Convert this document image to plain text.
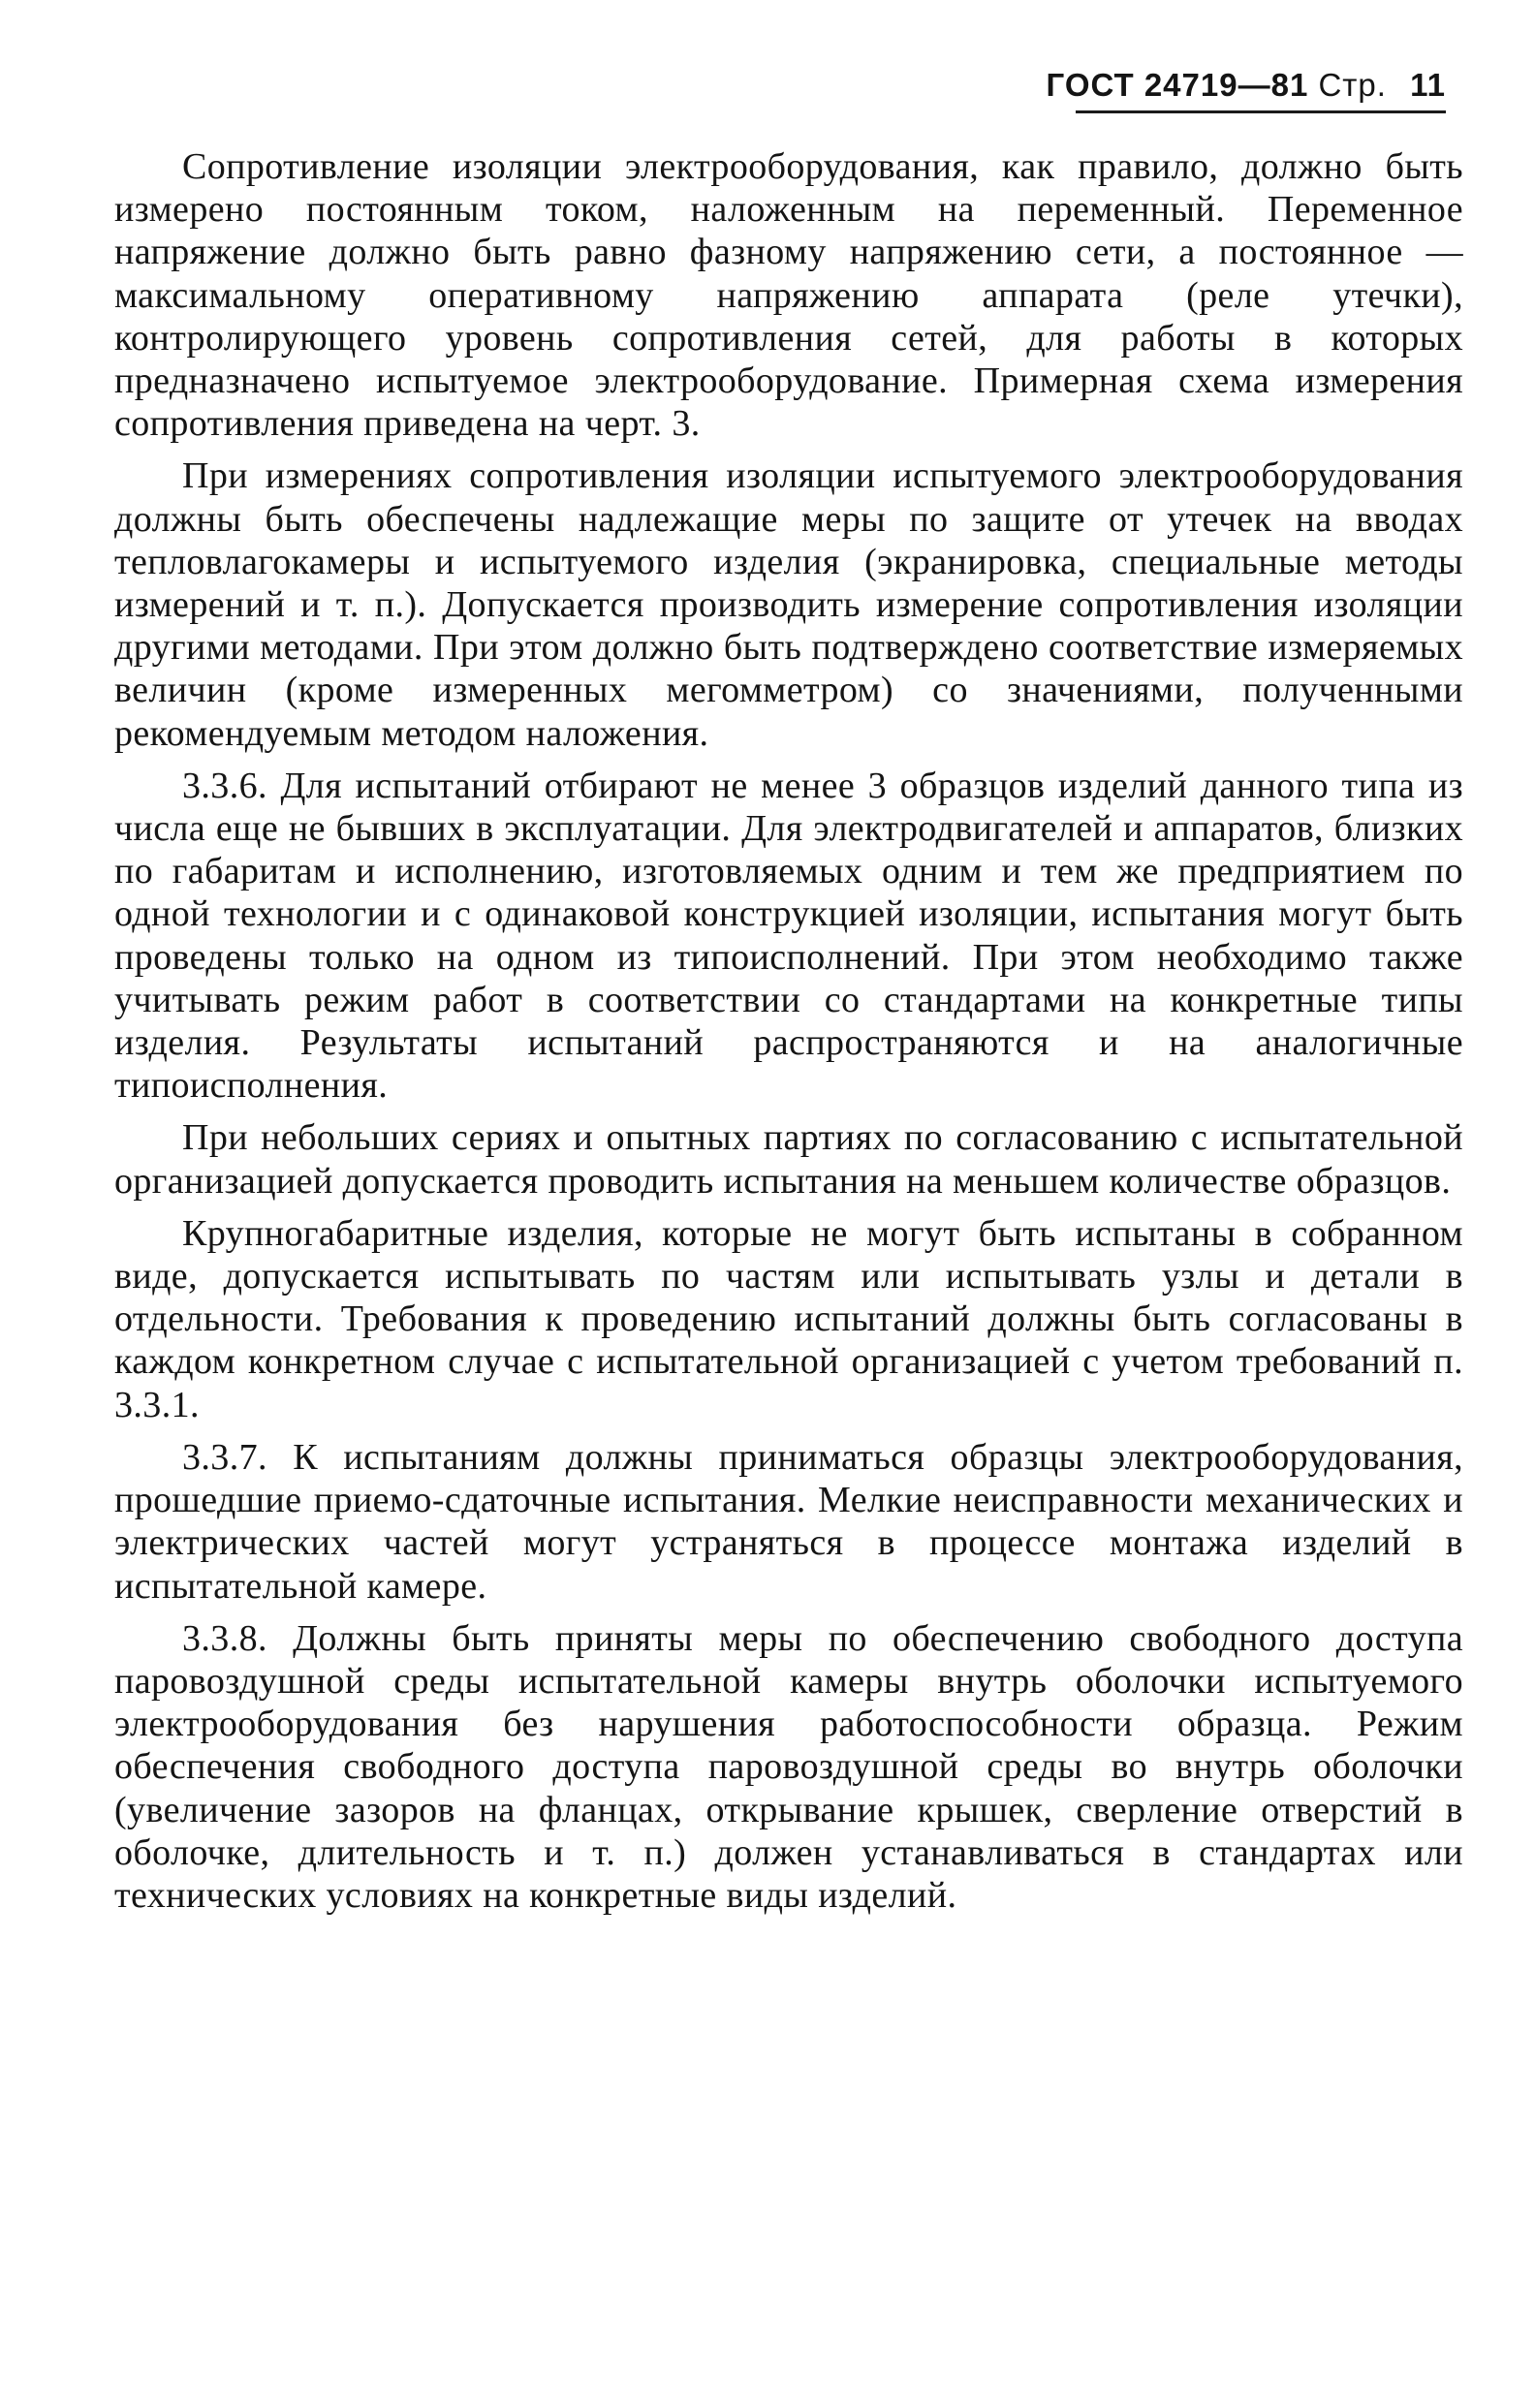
ГОСТ 24719—81 Стр. 11

Сопротивление изоляции электрооборудования, как правило, должно быть измерено постоянным током, наложенным на переменный. Переменное напряжение должно быть равно фазному напряжению сети, а постоянное — максимальному оперативному напряжению аппарата (реле утечки), контролирующего уровень сопротивления сетей, для работы в которых предназначено испытуемое электрооборудование. Примерная схема измерения сопротивления приведена на черт. 3.

При измерениях сопротивления изоляции испытуемого электрооборудования должны быть обеспечены надлежащие меры по защите от утечек на вводах тепловлагокамеры и испытуемого изделия (экранировка, специальные методы измерений и т. п.). Допускается производить измерение сопротивления изоляции другими методами. При этом должно быть подтверждено соответствие измеряемых величин (кроме измеренных мегомметром) со значениями, полученными рекомендуемым методом наложения.

3.3.6. Для испытаний отбирают не менее 3 образцов изделий данного типа из числа еще не бывших в эксплуатации. Для электродвигателей и аппаратов, близких по габаритам и исполнению, изготовляемых одним и тем же предприятием по одной технологии и с одинаковой конструкцией изоляции, испытания могут быть проведены только на одном из типоисполнений. При этом необходимо также учитывать режим работ в соответствии со стандартами на конкретные типы изделия. Результаты испытаний распространяются и на аналогичные типоисполнения.

При небольших сериях и опытных партиях по согласованию с испытательной организацией допускается проводить испытания на меньшем количестве образцов.

Крупногабаритные изделия, которые не могут быть испытаны в собранном виде, допускается испытывать по частям или испытывать узлы и детали в отдельности. Требования к проведению испытаний должны быть согласованы в каждом конкретном случае с испытательной организацией с учетом требований п. 3.3.1.

3.3.7. К испытаниям должны приниматься образцы электрооборудования, прошедшие приемо-сдаточные испытания. Мелкие неисправности механических и электрических частей могут устраняться в процессе монтажа изделий в испытательной камере.

3.3.8. Должны быть приняты меры по обеспечению свободного доступа паровоздушной среды испытательной камеры внутрь оболочки испытуемого электрооборудования без нарушения работоспособности образца. Режим обеспечения свободного доступа паровоздушной среды во внутрь оболочки (увеличение зазоров на фланцах, открывание крышек, сверление отверстий в оболочке, длительность и т. п.) должен устанавливаться в стандартах или технических условиях на конкретные виды изделий.
